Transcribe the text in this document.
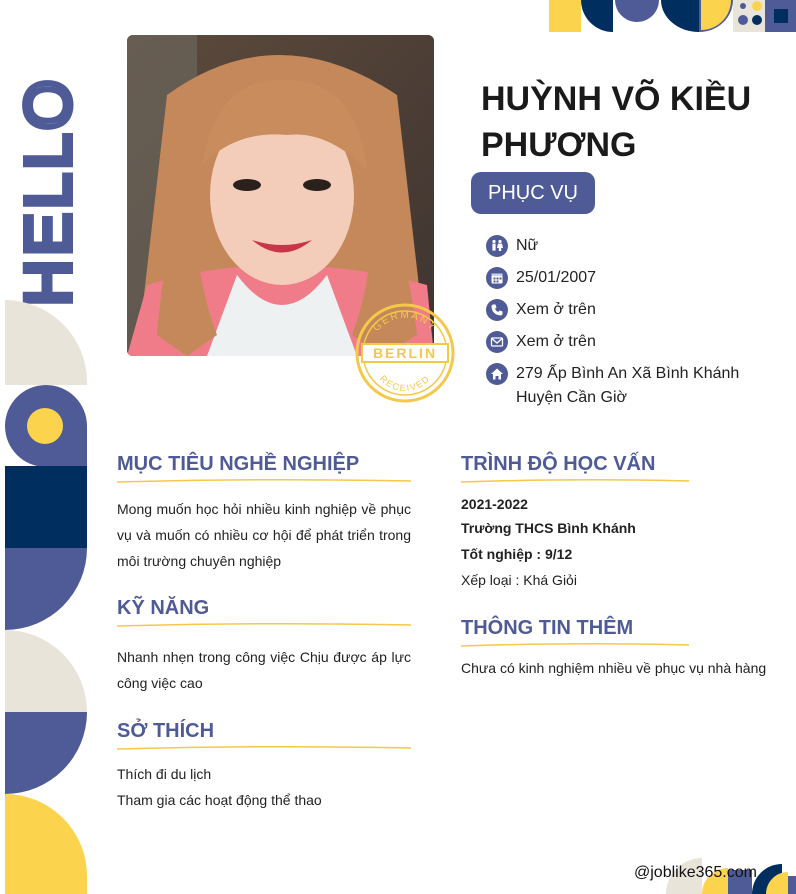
HELLO
GERMANY
BERLIN
RECEIVED
HUỲNH VÕ KIỀU
PHƯƠNG
PHỤC VỤ
Nữ
25/01/2007
Xem ở trên
Xem ở trên
279 Ấp Bình An Xã Bình Khánh Huyện Cần Giờ
MỤC TIÊU NGHỀ NGHIỆP
Mong muốn học hỏi nhiều kinh nghiệp về phục vụ và muốn có nhiều cơ hội để phát triển trong môi trường chuyên nghiệp
KỸ NĂNG
Nhanh nhẹn trong công việc Chịu được áp lực công việc cao
SỞ THÍCH
Thích đi du lịch
Tham gia các hoạt động thể thao
TRÌNH ĐỘ HỌC VẤN
2021-2022
Trường THCS Bình Khánh
Tốt nghiệp : 9/12
Xếp loại : Khá Giỏi
THÔNG TIN THÊM
Chưa có kinh nghiệm nhiều về phục vụ nhà hàng
@joblike365.com
